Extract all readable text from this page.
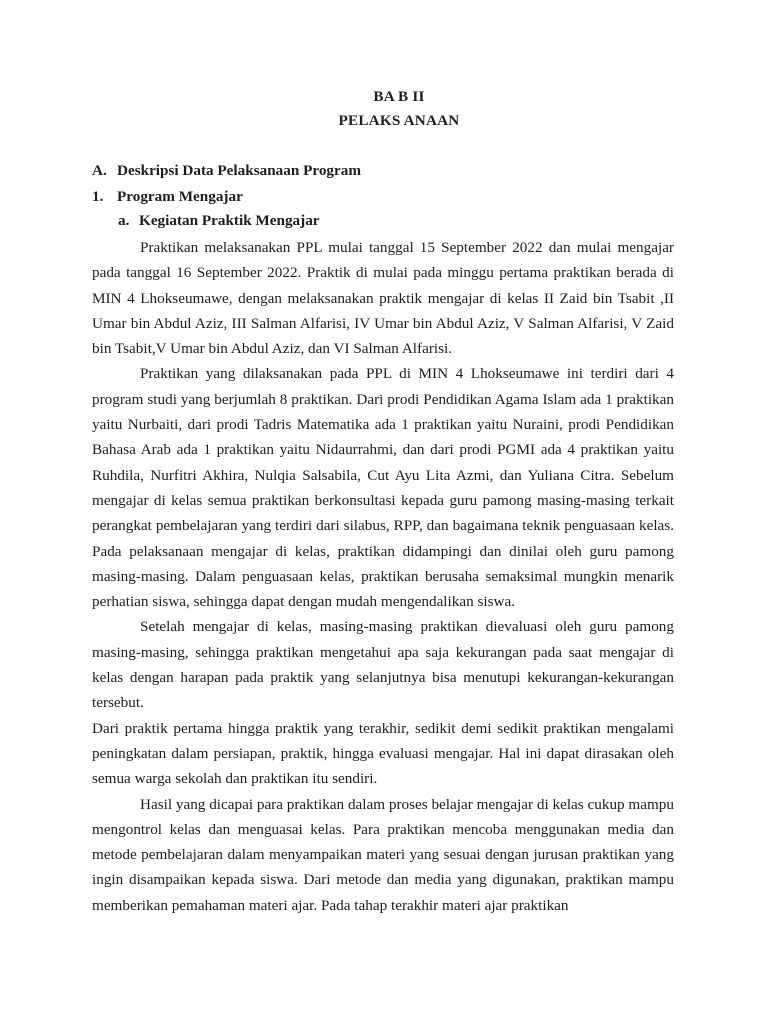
BA B II
PELAKS ANAAN
A. Deskripsi Data Pelaksanaan Program
1. Program Mengajar
a. Kegiatan Praktik Mengajar

Praktikan melaksanakan PPL mulai tanggal 15 September 2022 dan mulai mengajar pada tanggal 16 September 2022. Praktik di mulai pada minggu pertama praktikan berada di MIN 4 Lhokseumawe, dengan melaksanakan praktik mengajar di kelas II Zaid bin Tsabit ,II Umar bin Abdul Aziz, III Salman Alfarisi, IV Umar bin Abdul Aziz, V Salman Alfarisi, V Zaid bin Tsabit,V Umar bin Abdul Aziz, dan VI Salman Alfarisi.

Praktikan yang dilaksanakan pada PPL di MIN 4 Lhokseumawe ini terdiri dari 4 program studi yang berjumlah 8 praktikan. Dari prodi Pendidikan Agama Islam ada 1 praktikan yaitu Nurbaiti, dari prodi Tadris Matematika ada 1 praktikan yaitu Nuraini, prodi Pendidikan Bahasa Arab ada 1 praktikan yaitu Nidaurrahmi, dan dari prodi PGMI ada 4 praktikan yaitu Ruhdila, Nurfitri Akhira, Nulqia Salsabila, Cut Ayu Lita Azmi, dan Yuliana Citra. Sebelum mengajar di kelas semua praktikan berkonsultasi kepada guru pamong masing-masing terkait perangkat pembelajaran yang terdiri dari silabus, RPP, dan bagaimana teknik penguasaan kelas. Pada pelaksanaan mengajar di kelas, praktikan didampingi dan dinilai oleh guru pamong masing-masing. Dalam penguasaan kelas, praktikan berusaha semaksimal mungkin menarik perhatian siswa, sehingga dapat dengan mudah mengendalikan siswa.

Setelah mengajar di kelas, masing-masing praktikan dievaluasi oleh guru pamong masing-masing, sehingga praktikan mengetahui apa saja kekurangan pada saat mengajar di kelas dengan harapan pada praktik yang selanjutnya bisa menutupi kekurangan-kekurangan tersebut.

Dari praktik pertama hingga praktik yang terakhir, sedikit demi sedikit praktikan mengalami peningkatan dalam persiapan, praktik, hingga evaluasi mengajar. Hal ini dapat dirasakan oleh semua warga sekolah dan praktikan itu sendiri.

Hasil yang dicapai para praktikan dalam proses belajar mengajar di kelas cukup mampu mengontrol kelas dan menguasai kelas. Para praktikan mencoba menggunakan media dan metode pembelajaran dalam menyampaikan materi yang sesuai dengan jurusan praktikan yang ingin disampaikan kepada siswa. Dari metode dan media yang digunakan, praktikan mampu memberikan pemahaman materi ajar. Pada tahap terakhir materi ajar praktikan
